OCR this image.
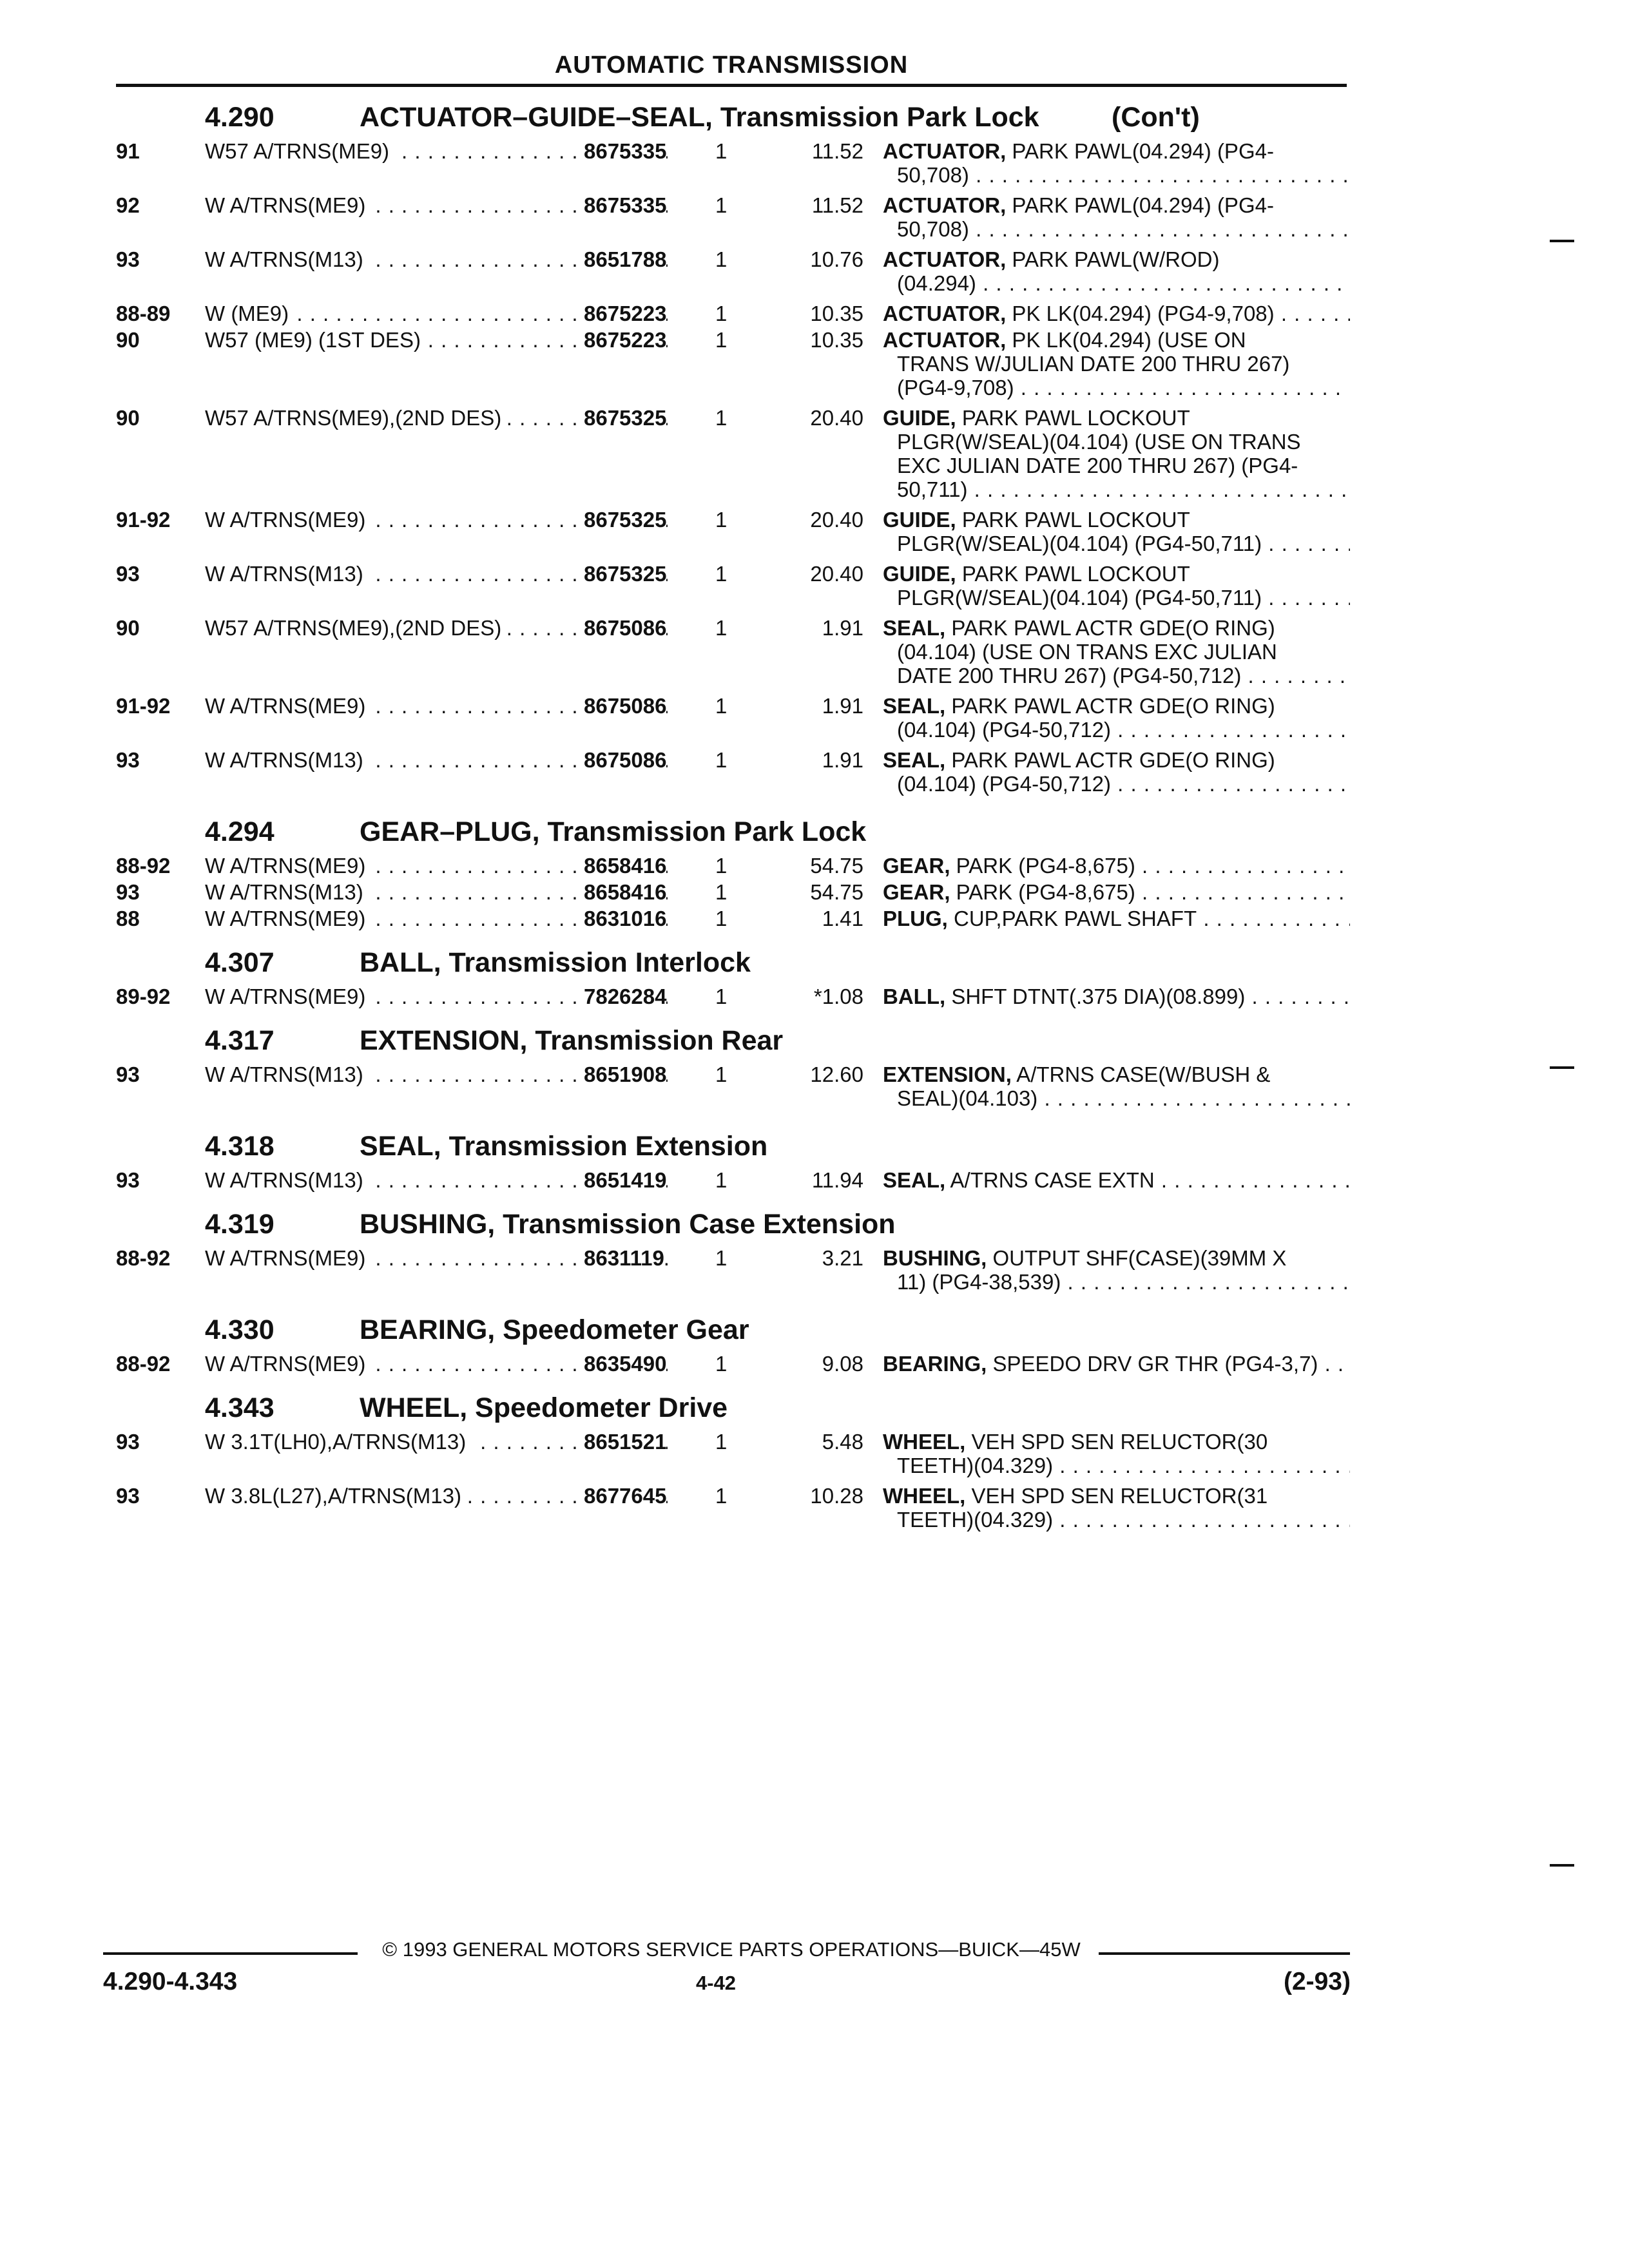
AUTOMATIC TRANSMISSION
4.290	ACTUATOR–GUIDE–SEAL, Transmission Park Lock	(Con't)
91	W57 A/TRNS(ME9) . . .	8675335 1	11.52 ACTUATOR, PARK PAWL(04.294) (PG4-
50,708) . . .
92	W A/TRNS(ME9) . . .	8675335 1	11.52 ACTUATOR, PARK PAWL(04.294) (PG4-
50,708) . . .
93	W A/TRNS(M13) . . .	8651788 1	10.76 ACTUATOR, PARK PAWL(W/ROD)
(04.294) . . .
88-89 W (ME9) . . .	8675223 1	10.35 ACTUATOR, PK LK(04.294) (PG4-9,708) . . .
90	W57 (ME9) (1ST DES) . . .	8675223 1	10.35 ACTUATOR, PK LK(04.294) (USE ON
TRANS W/JULIAN DATE 200 THRU 267)
(PG4-9,708) . . .
90	W57 A/TRNS(ME9),(2ND DES) . . .	8675325 1	20.40 GUIDE, PARK PAWL LOCKOUT
PLGR(W/SEAL)(04.104) (USE ON TRANS
EXC JULIAN DATE 200 THRU 267) (PG4-
50,711) . . .
91-92 W A/TRNS(ME9) . . .	8675325 1	20.40 GUIDE, PARK PAWL LOCKOUT
PLGR(W/SEAL)(04.104) (PG4-50,711) . . .
93	W A/TRNS(M13) . . .	8675325 1	20.40 GUIDE, PARK PAWL LOCKOUT
PLGR(W/SEAL)(04.104) (PG4-50,711) . . .
90	W57 A/TRNS(ME9),(2ND DES) . . .	8675086 1	1.91 SEAL, PARK PAWL ACTR GDE(O RING)
(04.104) (USE ON TRANS EXC JULIAN
DATE 200 THRU 267) (PG4-50,712) . . .
91-92 W A/TRNS(ME9) . . .	8675086 1	1.91 SEAL, PARK PAWL ACTR GDE(O RING)
(04.104) (PG4-50,712) . . .
93	W A/TRNS(M13) . . .	8675086 1	1.91 SEAL, PARK PAWL ACTR GDE(O RING)
(04.104) (PG4-50,712) . . .
4.294	GEAR–PLUG, Transmission Park Lock
88-92 W A/TRNS(ME9) . . .	8658416 1	54.75 GEAR, PARK (PG4-8,675) . . .
93	W A/TRNS(M13) . . .	8658416 1	54.75 GEAR, PARK (PG4-8,675) . . .
88	W A/TRNS(ME9) . . .	8631016 1	1.41 PLUG, CUP,PARK PAWL SHAFT . . .
4.307	BALL, Transmission Interlock
89-92 W A/TRNS(ME9) . . .	7826284 1	*1.08 BALL, SHFT DTNT(.375 DIA)(08.899) . . .
4.317	EXTENSION, Transmission Rear
93	W A/TRNS(M13) . . .	8651908 1	12.60 EXTENSION, A/TRNS CASE(W/BUSH &
SEAL)(04.103) . . .
4.318	SEAL, Transmission Extension
93	W A/TRNS(M13) . . .	8651419 1	11.94 SEAL, A/TRNS CASE EXTN . . .
4.319	BUSHING, Transmission Case Extension
88-92 W A/TRNS(ME9) . . .	8631119 1	3.21 BUSHING, OUTPUT SHF(CASE)(39MM X
11) (PG4-38,539) . . .
4.330	BEARING, Speedometer Gear
88-92 W A/TRNS(ME9) . . .	8635490 1	9.08 BEARING, SPEEDO DRV GR THR (PG4-3,7) . . .
4.343	WHEEL, Speedometer Drive
93	W 3.1T(LH0),A/TRNS(M13) . . .	8651521 1	5.48 WHEEL, VEH SPD SEN RELUCTOR(30
TEETH)(04.329) . . .
93	W 3.8L(L27),A/TRNS(M13) . . .	8677645 1	10.28 WHEEL, VEH SPD SEN RELUCTOR(31
TEETH)(04.329) . . .
© 1993 GENERAL MOTORS SERVICE PARTS OPERATIONS—BUICK—45W
4.290-4.343	4-42	(2-93)
